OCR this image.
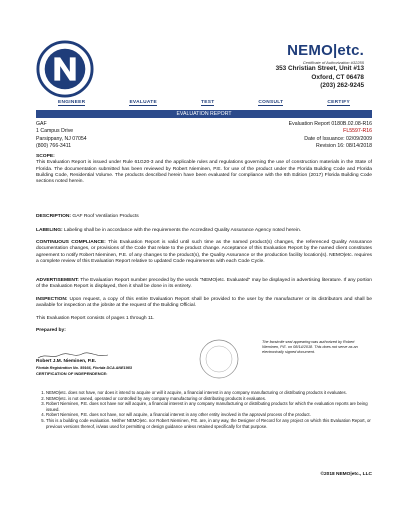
NEMO|etc.
Certificate of Authorization #32255
353 Christian Street, Unit #13
Oxford, CT 06478
(203) 262-9245
ENGINEER	EVALUATE	TEST	CONSULT	CERTIFY
EVALUATION REPORT
GAF
1 Campus Drive
Parsippany, NJ 07054
(800) 766-3411
Evaluation Report 0180B.02.08-R16
FL5597-R16
Date of Issuance: 02/09/2009
Revision 16: 08/14/2018
SCOPE:
This Evaluation Report is issued under Rule 61G20-3 and the applicable rules and regulations governing the use of construction materials in the State of Florida. The documentation submitted has been reviewed by Robert Nieminen, P.E. for use of the product under the Florida Building Code and Florida Building Code, Residential Volume. The products described herein have been evaluated for compliance with the 6th Edition (2017) Florida Building Code sections noted herein.
DESCRIPTION: GAF Roof Ventilation Products
LABELING: Labeling shall be in accordance with the requirements the Accredited Quality Assurance Agency noted herein.
CONTINUOUS COMPLIANCE: This Evaluation Report is valid until such time as the named product(s) changes, the referenced Quality Assurance documentation changes, or provisions of the Code that relate to the product change. Acceptance of this Evaluation Report by the named client constitutes agreement to notify Robert Nieminen, P.E. of any changes to the product(s), the Quality Assurance or the production facility location(s). NEMO|etc. requires a complete review of this Evaluation Report relative to updated Code requirements with each Code Cycle.
ADVERTISEMENT: The Evaluation Report number preceded by the words "NEMO|etc. Evaluated" may be displayed in advertising literature. If any portion of the Evaluation Report is displayed, then it shall be done in its entirety.
INSPECTION: Upon request, a copy of this entire Evaluation Report shall be provided to the user by the manufacturer or its distributors and shall be available for inspection at the jobsite at the request of the Building Official.
This Evaluation Report consists of pages 1 through 11.
Prepared by:
Robert J.M. Nieminen, P.E.
Florida Registration No. 59166, Florida DCA ANE1983
CERTIFICATION OF INDEPENDENCE:
The facsimile seal appearing was authorized by Robert Nieminen, P.E. on 08/14/2018. This does not serve as an electronically signed document.
1. NEMO|etc. does not have, nor does it intend to acquire or will it acquire, a financial interest in any company manufacturing or distributing products it evaluates.
2. NEMO|etc. is not owned, operated or controlled by any company manufacturing or distributing products it evaluates.
3. Robert Nieminen, P.E. does not have nor will acquire, a financial interest in any company manufacturing or distributing products for which the evaluation reports are being issued.
4. Robert Nieminen, P.E. does not have, nor will acquire, a financial interest in any other entity involved in the approval process of the product.
5. This is a building code evaluation. Neither NEMO|etc. nor Robert Nieminen, P.E. are, in any way, the Designer of Record for any project on which this Evaluation Report, or previous versions thereof, is/was used for permitting or design guidance unless retained specifically for that purpose.
©2018 NEMO|etc., LLC
